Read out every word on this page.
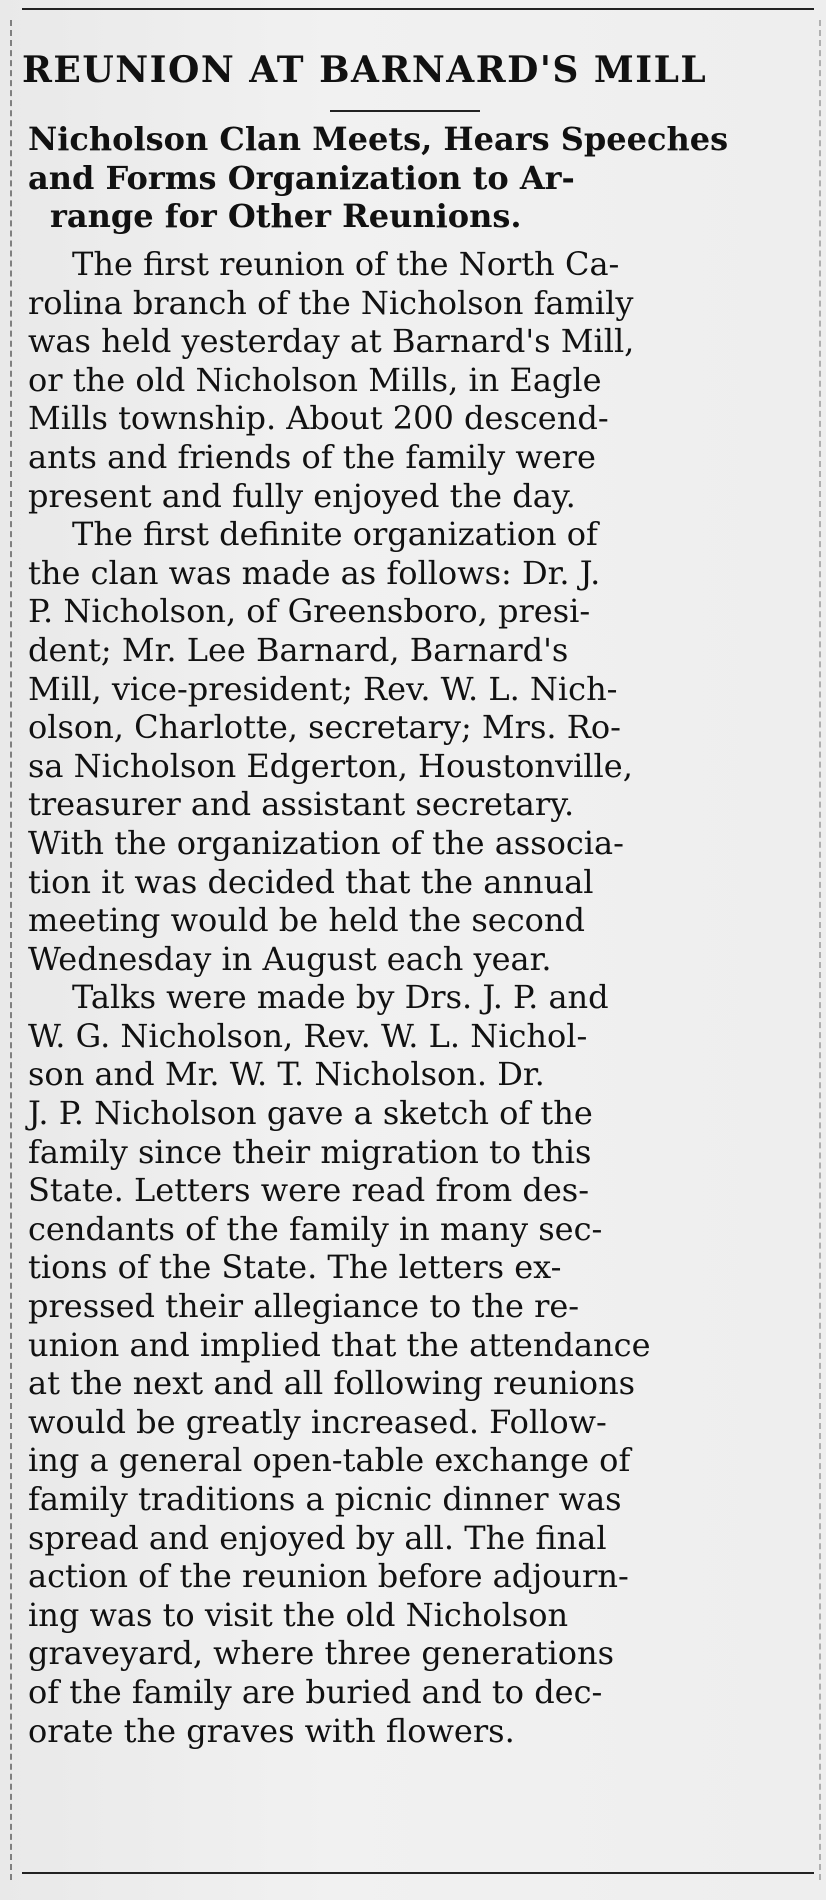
REUNION AT BARNARD'S MILL
Nicholson Clan Meets, Hears Speeches
and Forms Organization to Ar-
range for Other Reunions.
The first reunion of the North Ca-
rolina branch of the Nicholson family
was held yesterday at Barnard's Mill,
or the old Nicholson Mills, in Eagle
Mills township. About 200 descend-
ants and friends of the family were
present and fully enjoyed the day.
The first definite organization of
the clan was made as follows: Dr. J.
P. Nicholson, of Greensboro, presi-
dent; Mr. Lee Barnard, Barnard's
Mill, vice-president; Rev. W. L. Nich-
olson, Charlotte, secretary; Mrs. Ro-
sa Nicholson Edgerton, Houstonville,
treasurer and assistant secretary.
With the organization of the associa-
tion it was decided that the annual
meeting would be held the second
Wednesday in August each year.
Talks were made by Drs. J. P. and
W. G. Nicholson, Rev. W. L. Nichol-
son and Mr. W. T. Nicholson. Dr.
J. P. Nicholson gave a sketch of the
family since their migration to this
State. Letters were read from des-
cendants of the family in many sec-
tions of the State. The letters ex-
pressed their allegiance to the re-
union and implied that the attendance
at the next and all following reunions
would be greatly increased. Follow-
ing a general open-table exchange of
family traditions a picnic dinner was
spread and enjoyed by all. The final
action of the reunion before adjourn-
ing was to visit the old Nicholson
graveyard, where three generations
of the family are buried and to dec-
orate the graves with flowers.
